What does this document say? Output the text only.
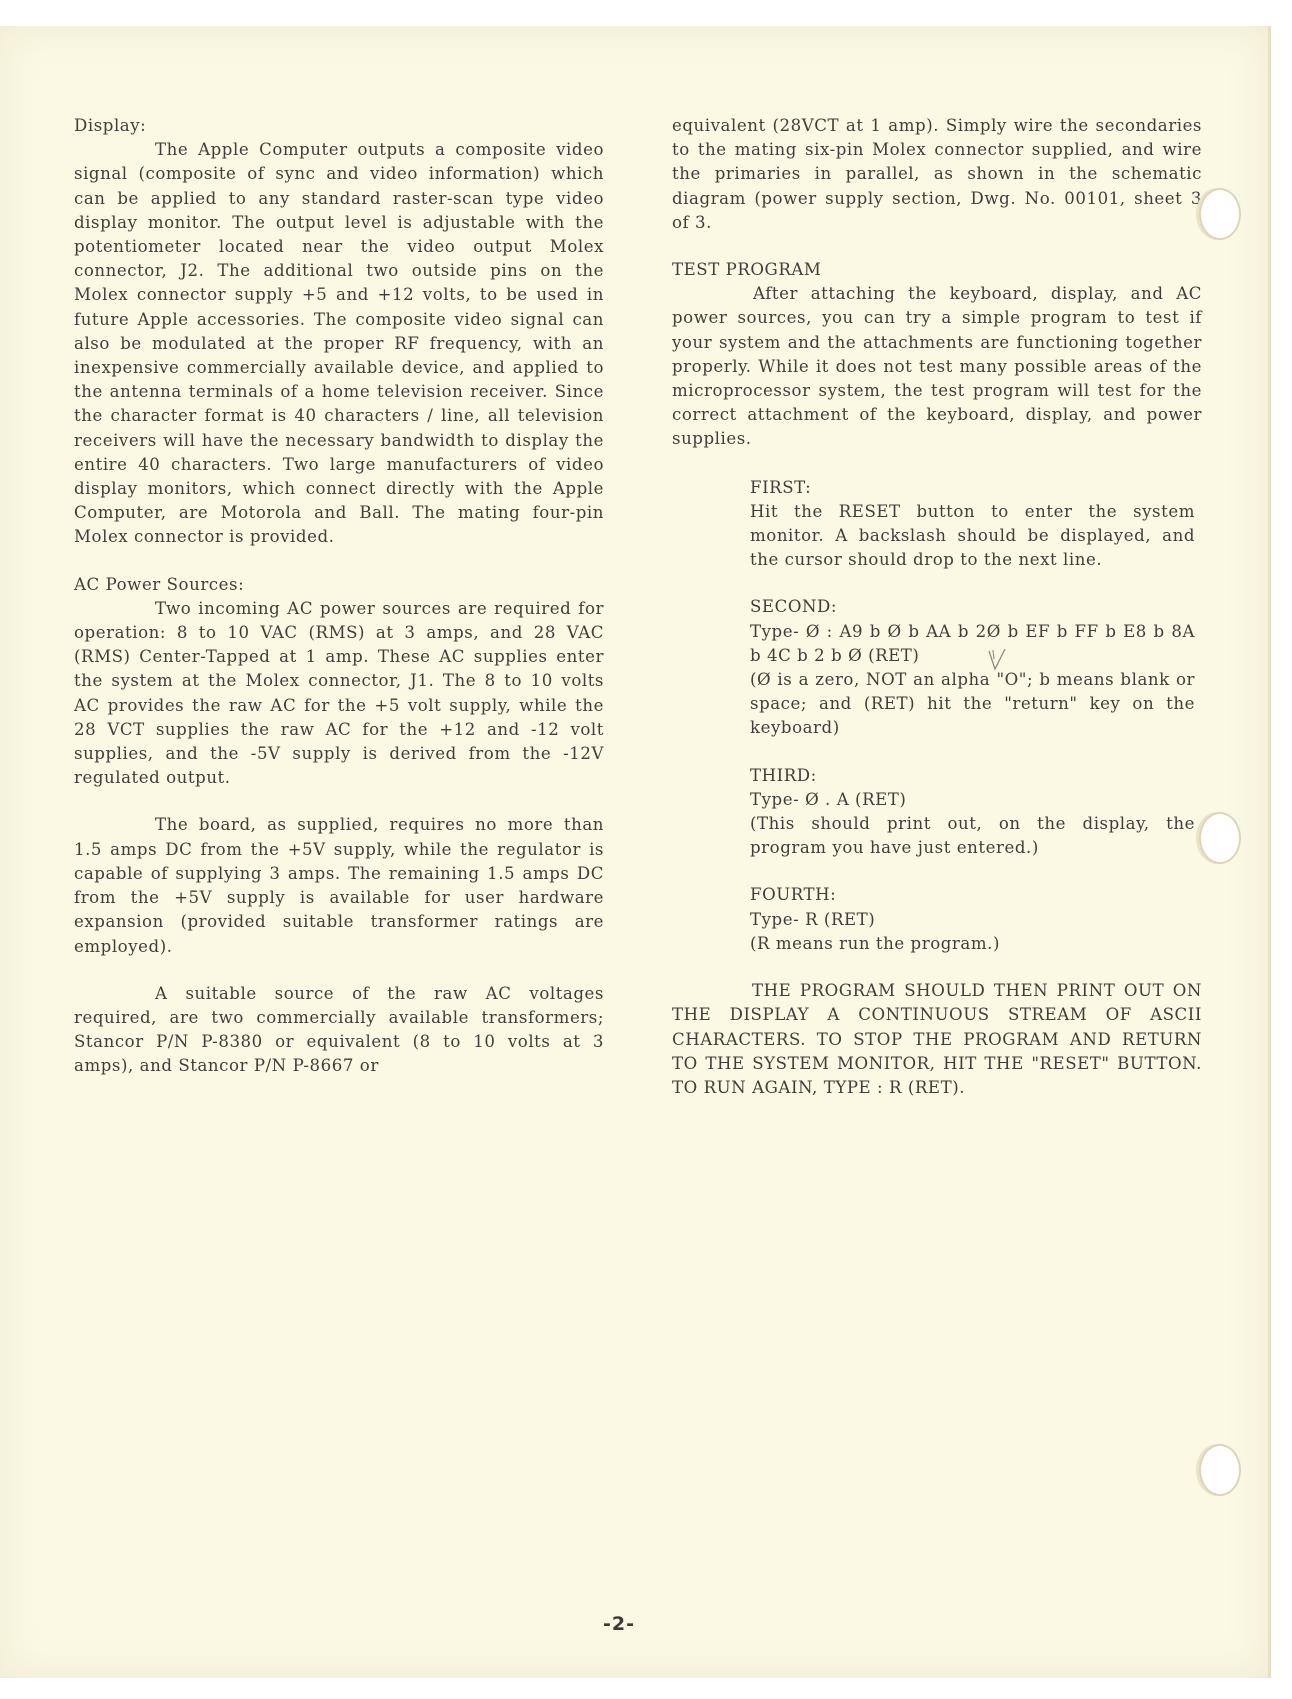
Display:

The Apple Computer outputs a composite video signal (composite of sync and video information) which can be applied to any standard raster-scan type video display monitor. The output level is adjustable with the potentiometer located near the video output Molex connector, J2. The additional two outside pins on the Molex connector supply +5 and +12 volts, to be used in future Apple accessories. The composite video signal can also be modulated at the proper RF frequency, with an inexpensive commercially available device, and applied to the antenna terminals of a home television receiver. Since the character format is 40 characters / line, all television receivers will have the necessary bandwidth to display the entire 40 characters. Two large manufacturers of video display monitors, which connect directly with the Apple Computer, are Motorola and Ball. The mating four-pin Molex connector is provided.

AC Power Sources:

Two incoming AC power sources are required for operation: 8 to 10 VAC (RMS) at 3 amps, and 28 VAC (RMS) Center-Tapped at 1 amp. These AC supplies enter the system at the Molex connector, J1. The 8 to 10 volts AC provides the raw AC for the +5 volt supply, while the 28 VCT supplies the raw AC for the +12 and -12 volt supplies, and the -5V supply is derived from the -12V regulated output.

The board, as supplied, requires no more than 1.5 amps DC from the +5V supply, while the regulator is capable of supplying 3 amps. The remaining 1.5 amps DC from the +5V supply is available for user hardware expansion (provided suitable transformer ratings are employed).

A suitable source of the raw AC voltages required, are two commercially available transformers; Stancor P/N P-8380 or equivalent (8 to 10 volts at 3 amps), and Stancor P/N P-8667 or

equivalent (28VCT at 1 amp). Simply wire the secondaries to the mating six-pin Molex connector supplied, and wire the primaries in parallel, as shown in the schematic diagram (power supply section, Dwg. No. 00101, sheet 3 of 3.

TEST PROGRAM

After attaching the keyboard, display, and AC power sources, you can try a simple program to test if your system and the attachments are functioning together properly. While it does not test many possible areas of the microprocessor system, the test program will test for the correct attachment of the keyboard, display, and power supplies.

FIRST:

Hit the RESET button to enter the system monitor. A backslash should be displayed, and the cursor should drop to the next line.

SECOND:

Type- Ø : A9 b Ø b AA b 2Ø b EF b FF b E8 b 8A b 4C b 2 b Ø (RET)

(Ø is a zero, NOT an alpha "O"; b means blank or space; and (RET) hit the "return" key on the keyboard)

THIRD:

Type- Ø . A (RET)

(This should print out, on the display, the program you have just entered.)

FOURTH:

Type- R (RET)

(R means run the program.)

THE PROGRAM SHOULD THEN PRINT OUT ON THE DISPLAY A CONTINUOUS STREAM OF ASCII CHARACTERS. TO STOP THE PROGRAM AND RETURN TO THE SYSTEM MONITOR, HIT THE "RESET" BUTTON. TO RUN AGAIN, TYPE : R (RET).

-2-
